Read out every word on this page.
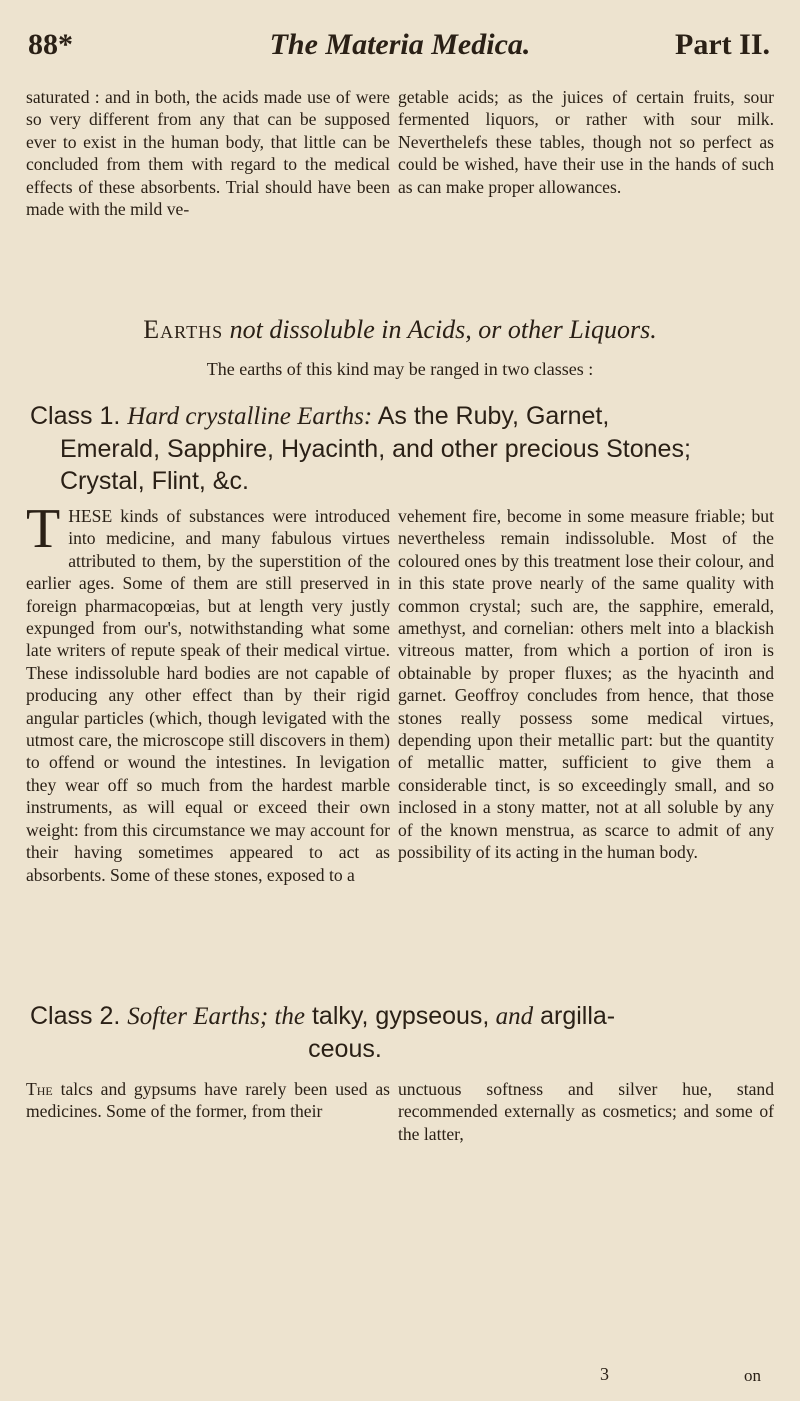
The Materia Medica.
88*	Part II.

saturated : and in both, the acids made use of were so very different from any that can be supposed ever to exist in the human body, that little can be concluded from them with regard to the medical effects of these absorbents. Trial should have been made with the mild ve-

getable acids; as the juices of certain fruits, sour fermented liquors, or rather with sour milk. Neverthelefs these tables, though not so perfect as could be wished, have their use in the hands of such as can make proper allowances.

Earths not dissoluble in Acids, or other Liquors.

The earths of this kind may be ranged in two classes :

Class 1. Hard crystalline Earths: As the Ruby, Garnet,
Emerald, Sapphire, Hyacinth, and other precious Stones;
Crystal, Flint, &c.

THESE kinds of substances were introduced into medicine, and many fabulous virtues attributed to them, by the superstition of the earlier ages. Some of them are still preserved in foreign pharmacopœias, but at length very justly expunged from our's, notwithstanding what some late writers of repute speak of their medical virtue. These indissoluble hard bodies are not capable of producing any other effect than by their rigid angular particles (which, though levigated with the utmost care, the microscope still discovers in them) to offend or wound the intestines. In levigation they wear off so much from the hardest marble instruments, as will equal or exceed their own weight: from this circumstance we may account for their having sometimes appeared to act as absorbents. Some of these stones, exposed to a

vehement fire, become in some measure friable; but nevertheless remain indissoluble. Most of the coloured ones by this treatment lose their colour, and in this state prove nearly of the same quality with common crystal; such are, the sapphire, emerald, amethyst, and cornelian: others melt into a blackish vitreous matter, from which a portion of iron is obtainable by proper fluxes; as the hyacinth and garnet. Geoffroy concludes from hence, that those stones really possess some medical virtues, depending upon their metallic part: but the quantity of metallic matter, sufficient to give them a considerable tinct, is so exceedingly small, and so inclosed in a stony matter, not at all soluble by any of the known menstrua, as scarce to admit of any possibility of its acting in the human body.

Class 2. Softer Earths; the talky, gypseous, and argilla-
ceous.

The talcs and gypsums have rarely been used as medicines. Some of the former, from their

unctuous softness and silver hue, stand recommended externally as cosmetics; and some of the latter,

3	on
